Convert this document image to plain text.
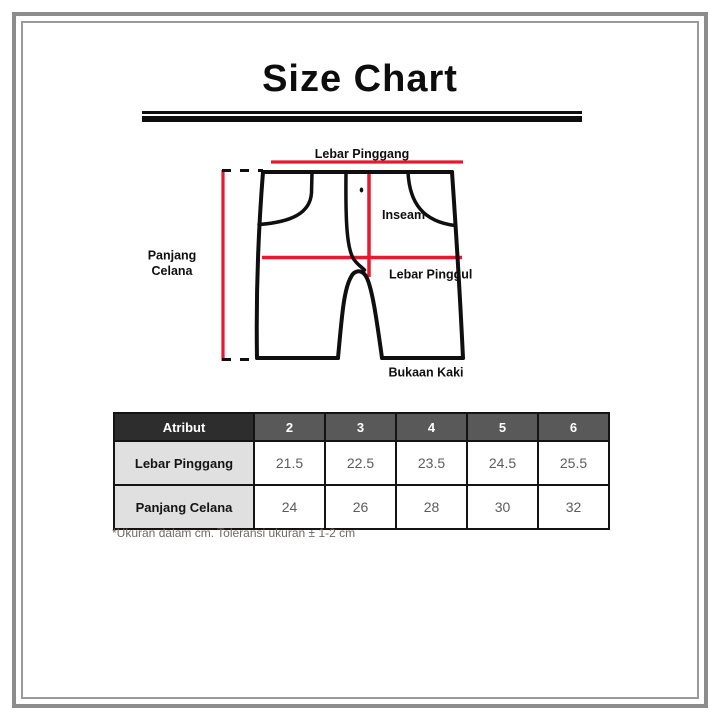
Size Chart
Lebar Pinggang
Panjang
Celana
Inseam
Lebar Pinggul
Bukaan Kaki
Atribut	2	3	4	5	6
Lebar Pinggang	21.5	22.5	23.5	24.5	25.5
Panjang Celana	24	26	28	30	32
*Ukuran dalam cm. Toleransi ukuran ± 1-2 cm
